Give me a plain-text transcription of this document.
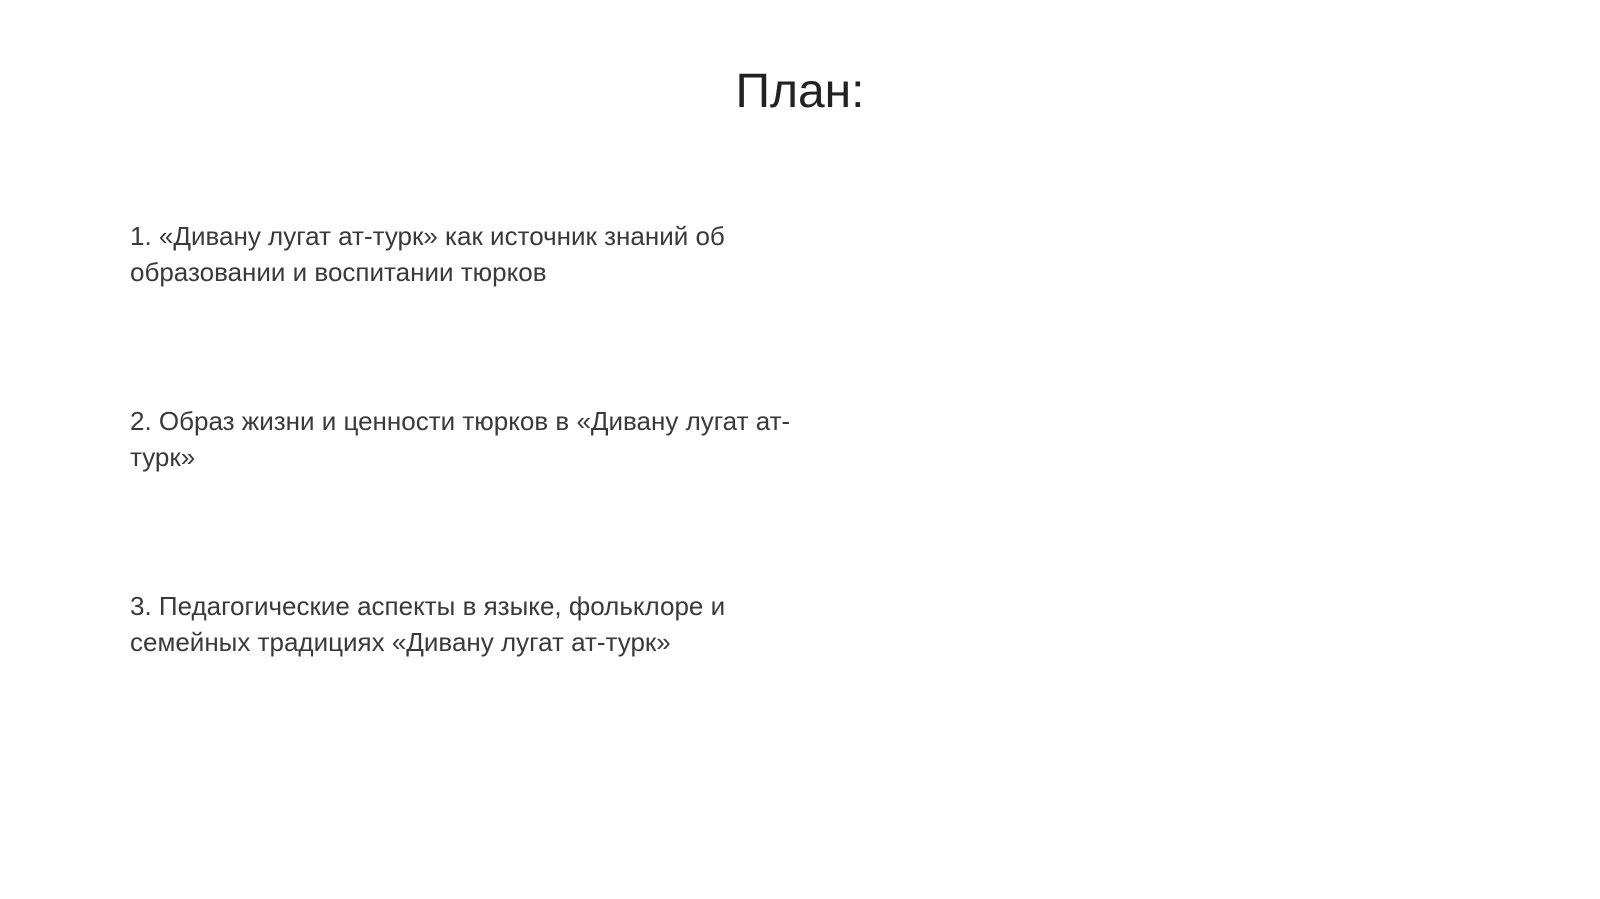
План:
1. «Дивану лугат ат-турк» как источник знаний об образовании и воспитании тюрков
2. Образ жизни и ценности тюрков в «Дивану лугат ат-турк»
3. Педагогические аспекты в языке, фольклоре и семейных традициях «Дивану лугат ат-турк»
